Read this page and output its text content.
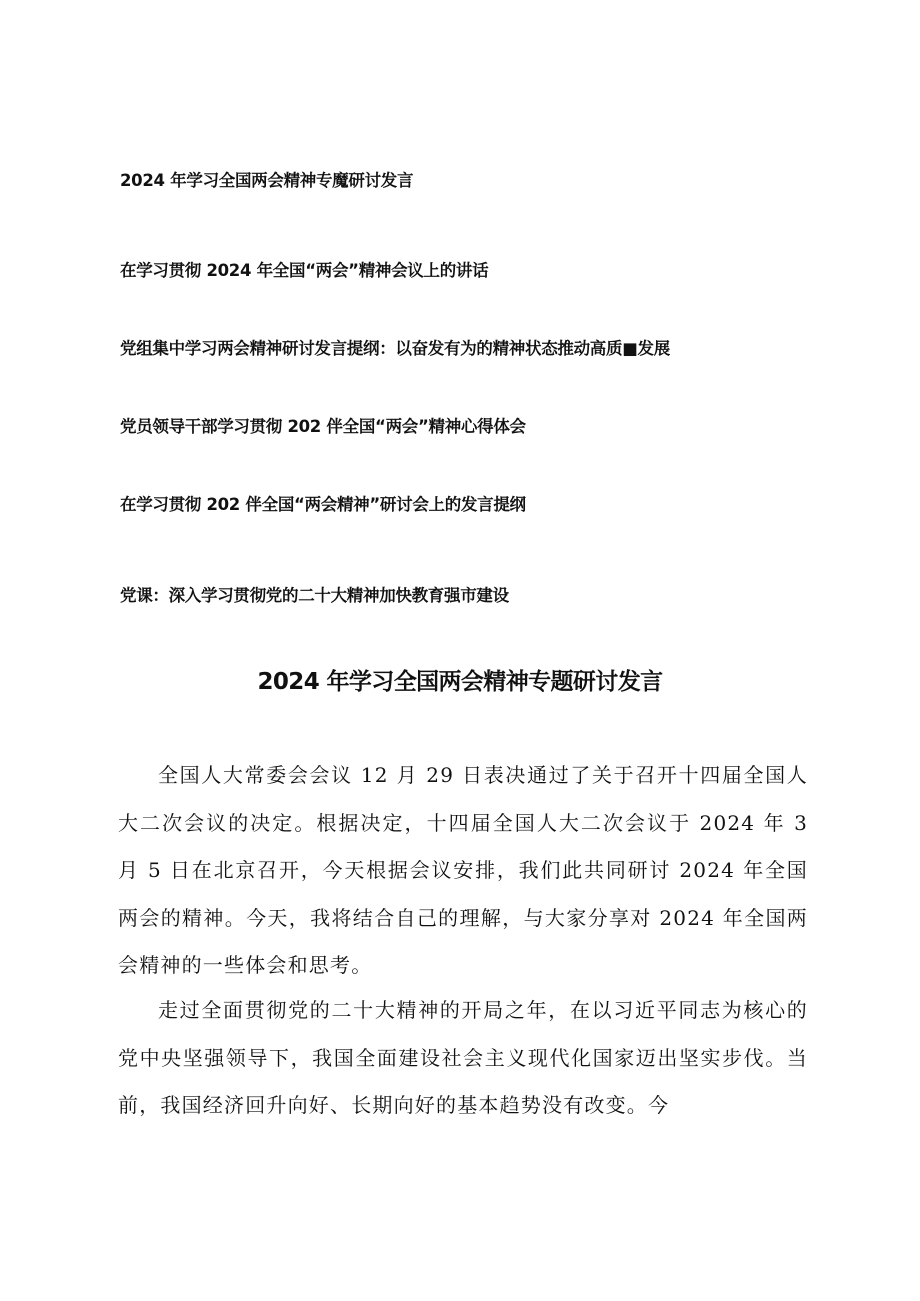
2024 年学习全国两会精神专魔研讨发言
在学习贯彻 2024 年全国“两会”精神会议上的讲话
党组集中学习两会精神研讨发言提纲：以奋发有为的精神状态推动高质■发展
党员领导干部学习贯彻 202 伴全国“两会”精神心得体会
在学习贯彻 202 伴全国“两会精神”研讨会上的发言提纲
党课：深入学习贯彻党的二十大精神加快教育强市建设
2024 年学习全国两会精神专题研讨发言
全国人大常委会会议 12 月 29 日表决通过了关于召开十四届全国人大二次会议的决定。根据决定，十四届全国人大二次会议于 2024 年 3 月 5 日在北京召开，今天根据会议安排，我们此共同研讨 2024 年全国两会的精神。今天，我将结合自己的理解，与大家分享对 2024 年全国两会精神的一些体会和思考。
走过全面贯彻党的二十大精神的开局之年，在以习近平同志为核心的党中央坚强领导下，我国全面建设社会主义现代化国家迈出坚实步伐。当前，我国经济回升向好、长期向好的基本趋势没有改变。今
